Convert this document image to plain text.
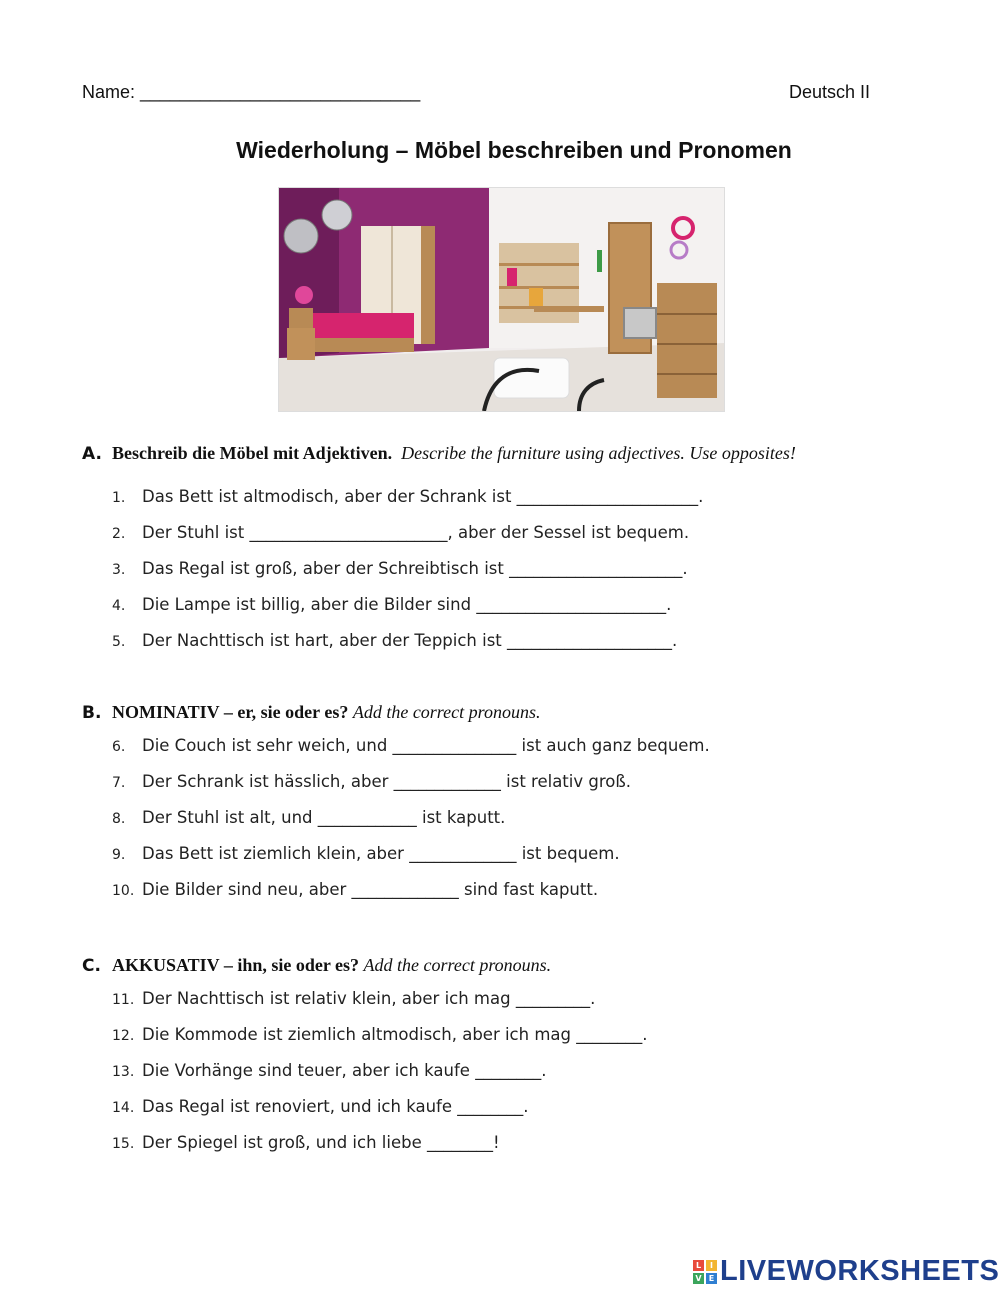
Name: ____________________________	Deutsch II
Wiederholung – Möbel beschreiben und Pronomen
A. Beschreib die Möbel mit Adjektiven. Describe the furniture using adjectives. Use opposites!
1. Das Bett ist altmodisch, aber der Schrank ist ______________________.
2. Der Stuhl ist ________________________, aber der Sessel ist bequem.
3. Das Regal ist groß, aber der Schreibtisch ist _____________________.
4. Die Lampe ist billig, aber die Bilder sind _______________________.
5. Der Nachttisch ist hart, aber der Teppich ist ____________________.
B. NOMINATIV – er, sie oder es? Add the correct pronouns.
6. Die Couch ist sehr weich, und _______________ ist auch ganz bequem.
7. Der Schrank ist hässlich, aber _____________ ist relativ groß.
8. Der Stuhl ist alt, und ____________ ist kaputt.
9. Das Bett ist ziemlich klein, aber _____________ ist bequem.
10. Die Bilder sind neu, aber _____________ sind fast kaputt.
C. AKKUSATIV – ihn, sie oder es? Add the correct pronouns.
11. Der Nachttisch ist relativ klein, aber ich mag _________.
12. Die Kommode ist ziemlich altmodisch, aber ich mag ________.
13. Die Vorhänge sind teuer, aber ich kaufe ________.
14. Das Regal ist renoviert, und ich kaufe ________.
15. Der Spiegel ist groß, und ich liebe ________!
L	I
V E LIVEWORKSHEETS
